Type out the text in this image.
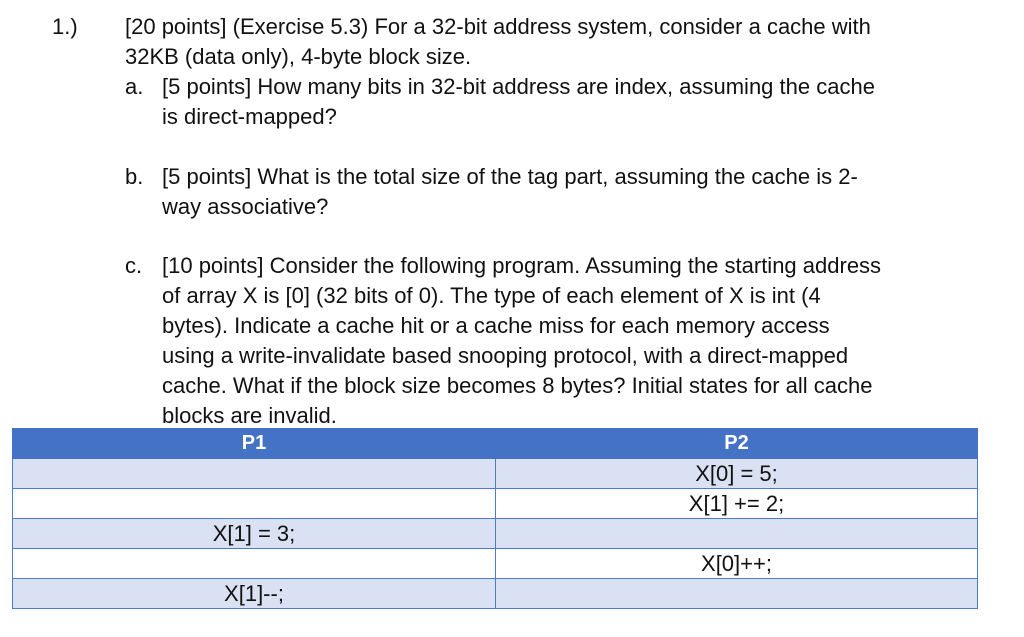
1.) [20 points] (Exercise 5.3) For a 32-bit address system, consider a cache with
32KB (data only), 4-byte block size.
a. [5 points] How many bits in 32-bit address are index, assuming the cache
is direct-mapped?
b. [5 points] What is the total size of the tag part, assuming the cache is 2-
way associative?
c. [10 points] Consider the following program. Assuming the starting address
of array X is [0] (32 bits of 0). The type of each element of X is int (4
bytes). Indicate a cache hit or a cache miss for each memory access
using a write-invalidate based snooping protocol, with a direct-mapped
cache. What if the block size becomes 8 bytes? Initial states for all cache
blocks are invalid.
P1	P2
	X[0] = 5;
	X[1] += 2;
X[1] = 3;	
	X[0]++;
X[1]--;	
